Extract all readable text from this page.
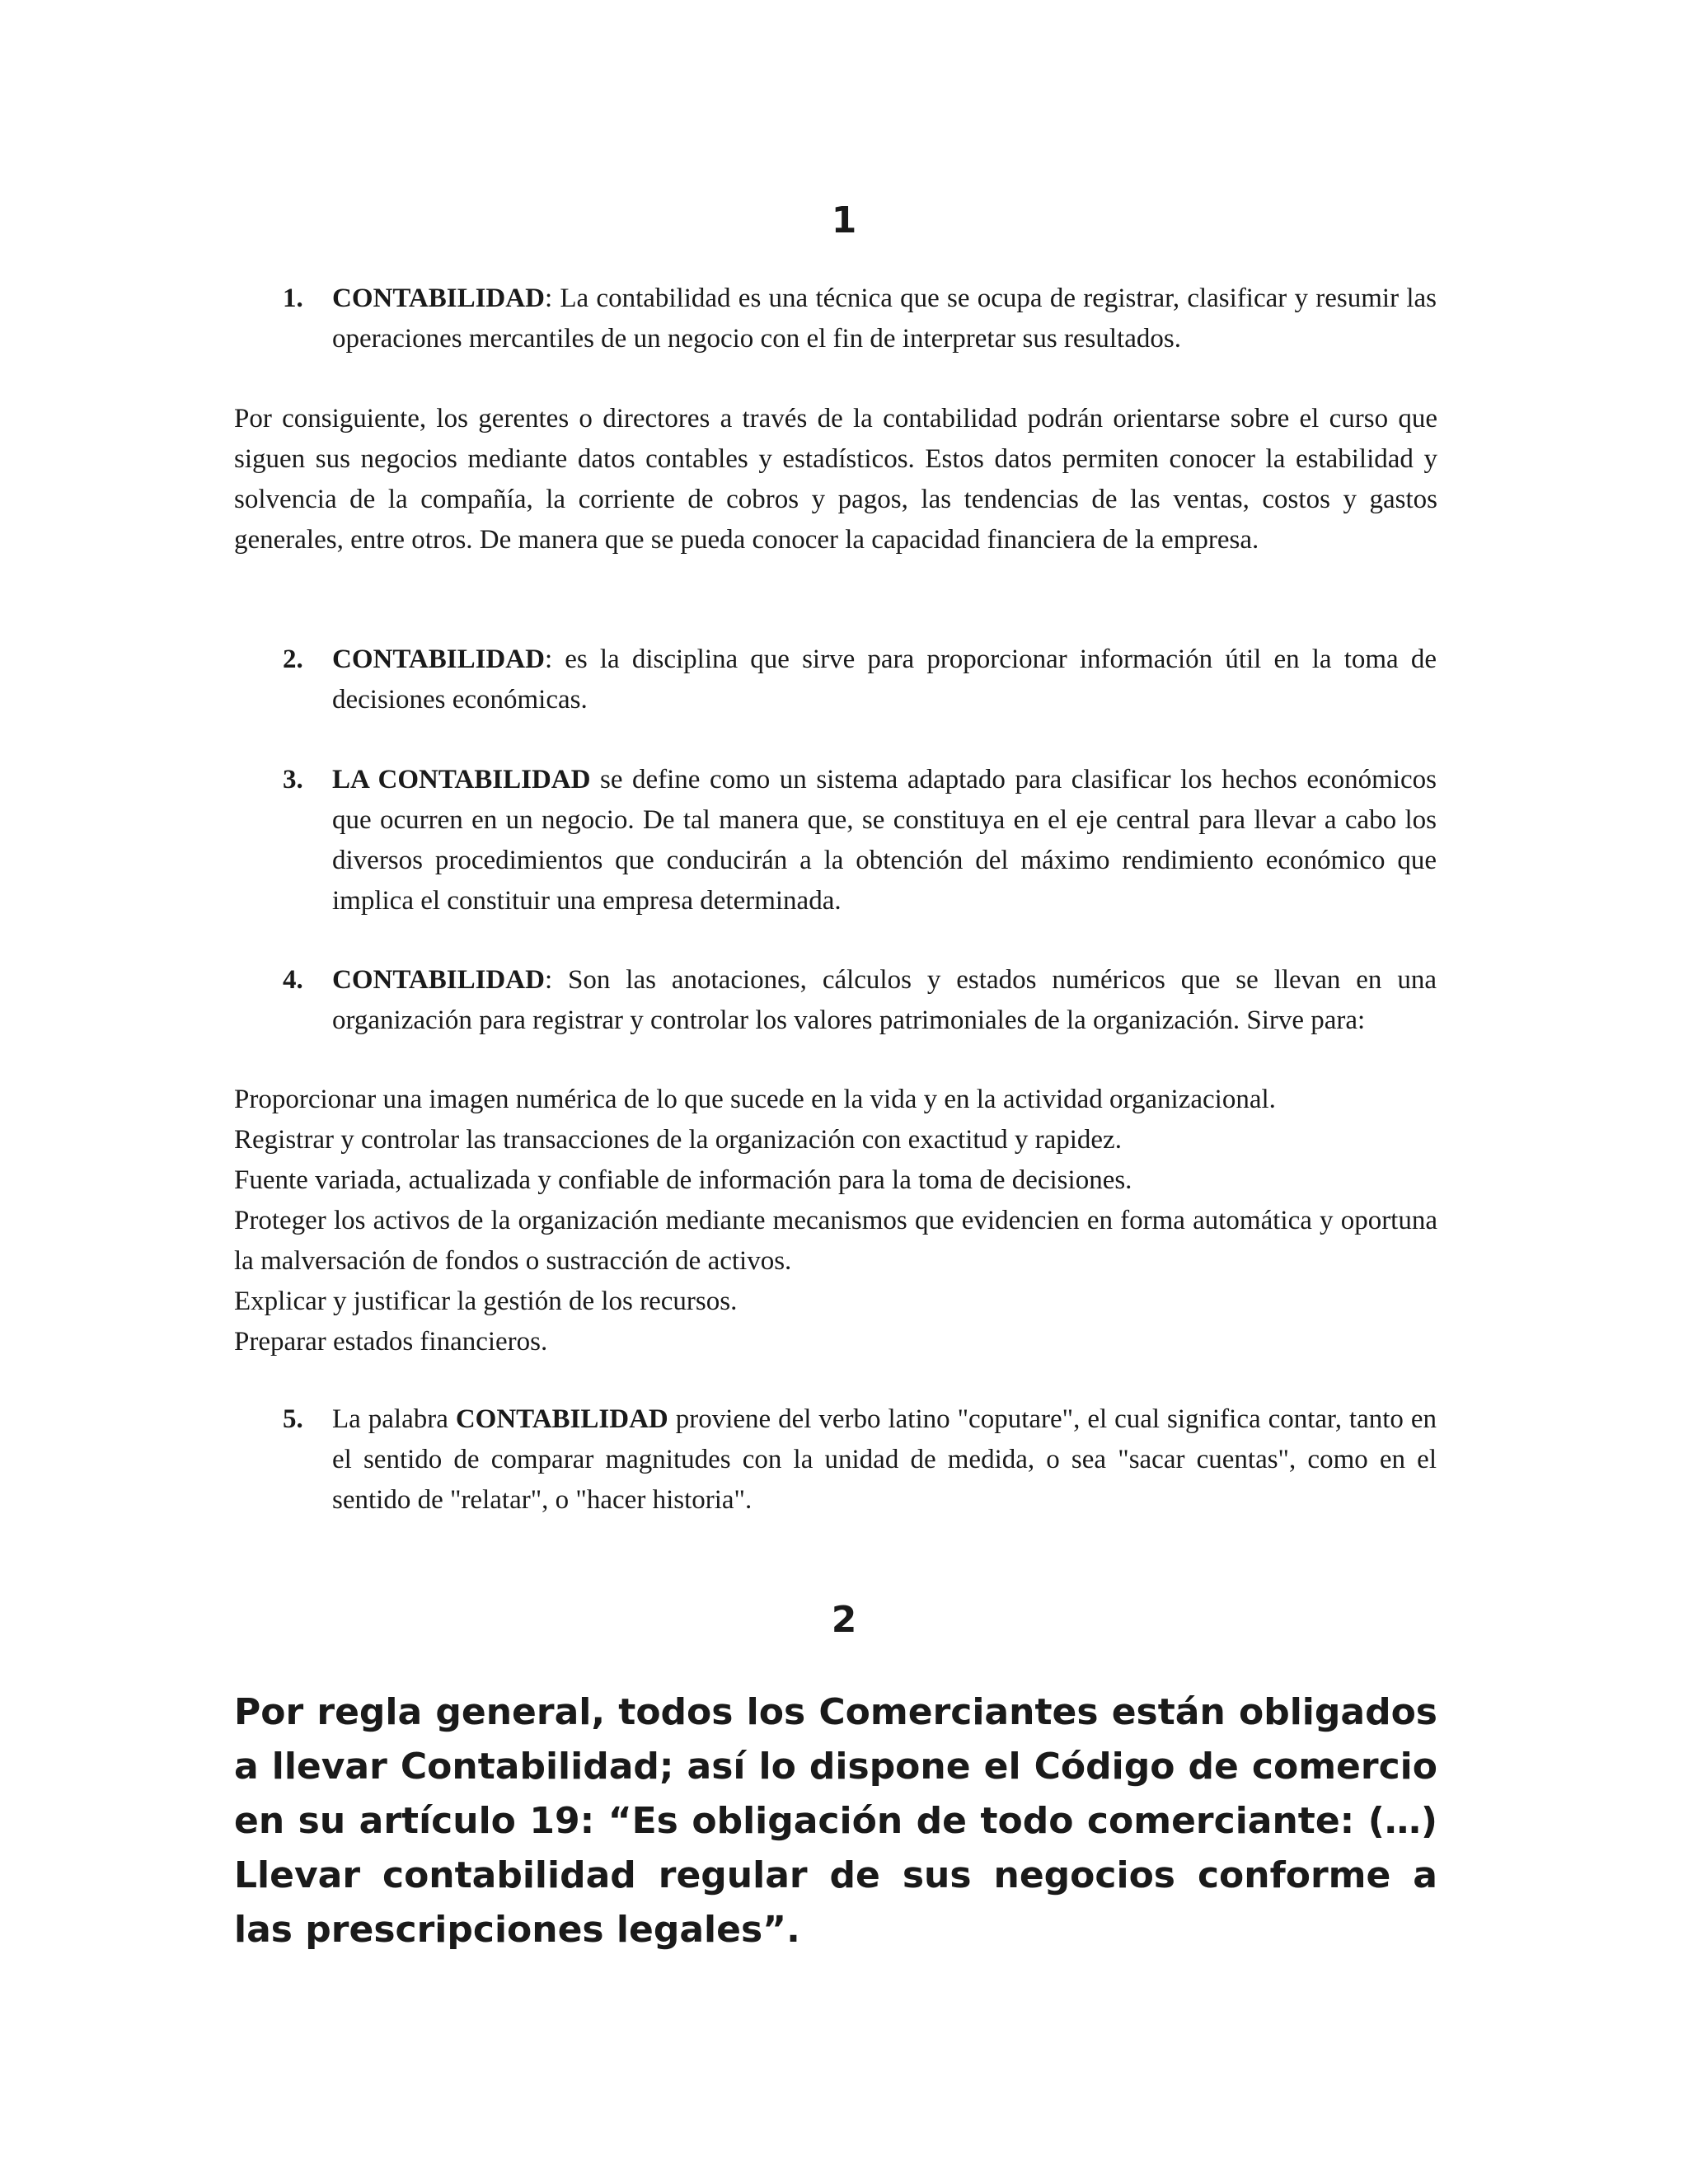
1
1.	CONTABILIDAD: La contabilidad es una técnica que se ocupa de registrar, clasificar y resumir las operaciones mercantiles de un negocio con el fin de interpretar sus resultados.
Por consiguiente, los gerentes o directores a través de la contabilidad podrán orientarse sobre el curso que siguen sus negocios mediante datos contables y estadísticos. Estos datos permiten conocer la estabilidad y solvencia de la compañía, la corriente de cobros y pagos, las tendencias de las ventas, costos y gastos generales, entre otros. De manera que se pueda conocer la capacidad financiera de la empresa.
2.	CONTABILIDAD: es la disciplina que sirve para proporcionar información útil en la toma de decisiones económicas.
3.	LA CONTABILIDAD se define como un sistema adaptado para clasificar los hechos económicos que ocurren en un negocio. De tal manera que, se constituya en el eje central para llevar a cabo los diversos procedimientos que conducirán a la obtención del máximo rendimiento económico que implica el constituir una empresa determinada.
4.	CONTABILIDAD: Son las anotaciones, cálculos y estados numéricos que se llevan en una organización para registrar y controlar los valores patrimoniales de la organización. Sirve para:
Proporcionar una imagen numérica de lo que sucede en la vida y en la actividad organizacional.
Registrar y controlar las transacciones de la organización con exactitud y rapidez.
Fuente variada, actualizada y confiable de información para la toma de decisiones.
Proteger los activos de la organización mediante mecanismos que evidencien en forma automática y oportuna la malversación de fondos o sustracción de activos.
Explicar y justificar la gestión de los recursos.
Preparar estados financieros.
5.	La palabra CONTABILIDAD proviene del verbo latino "coputare", el cual significa contar, tanto en el sentido de comparar magnitudes con la unidad de medida, o sea "sacar cuentas", como en el sentido de "relatar", o "hacer historia".
2
Por regla general, todos los Comerciantes están obligados a llevar Contabilidad; así lo dispone el Código de comercio en su artículo 19: “Es obligación de todo comerciante: (…) Llevar contabilidad regular de sus negocios conforme a las prescripciones legales”.
